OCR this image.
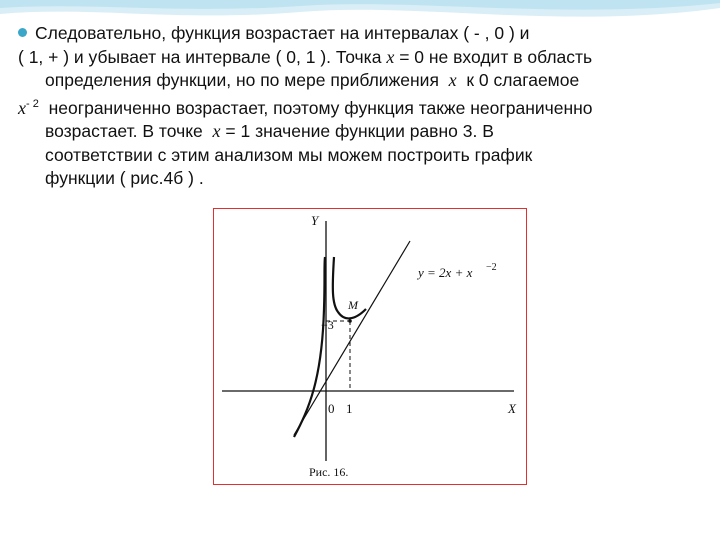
Следовательно, функция возрастает на интервалах ( - , 0 ) и
( 1, + ) и убывает на интервале ( 0, 1 ). Точка x = 0 не входит в область
определения функции, но по мере приближения x к 0 слагаемое
$x^{- 2}$ неограниченно возрастает, поэтому функция также неограниченно
возрастает. В точке x = 1 значение функции равно 3. В
соответствии с этим анализом мы можем построить график
функции ( рис.4б ) .
Y
X
0 1
−3
M
y = 2x + x −2
Рис. 16.
